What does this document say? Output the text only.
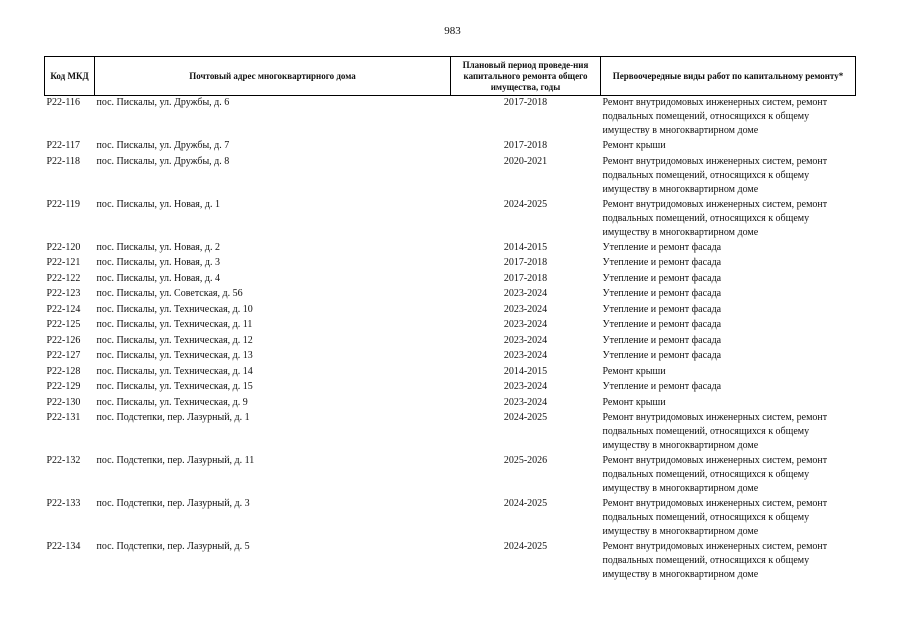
983
Код МКД	Почтовый адрес многоквартирного дома	Плановый период проведе-ния капитального ремонта общего имущества, годы	Первоочередные виды работ по капитальному ремонту*
Р22-116	пос. Пискалы, ул. Дружбы, д. 6	2017-2018	Ремонт внутридомовых инженерных систем, ремонт подвальных помещений, относящихся к общему имуществу в многоквартирном доме
Р22-117	пос. Пискалы, ул. Дружбы, д. 7	2017-2018	Ремонт крыши
Р22-118	пос. Пискалы, ул. Дружбы, д. 8	2020-2021	Ремонт внутридомовых инженерных систем, ремонт подвальных помещений, относящихся к общему имуществу в многоквартирном доме
Р22-119	пос. Пискалы, ул. Новая, д. 1	2024-2025	Ремонт внутридомовых инженерных систем, ремонт подвальных помещений, относящихся к общему имуществу в многоквартирном доме
Р22-120	пос. Пискалы, ул. Новая, д. 2	2014-2015	Утепление и ремонт фасада
Р22-121	пос. Пискалы, ул. Новая, д. 3	2017-2018	Утепление и ремонт фасада
Р22-122	пос. Пискалы, ул. Новая, д. 4	2017-2018	Утепление и ремонт фасада
Р22-123	пос. Пискалы, ул. Советская, д. 56	2023-2024	Утепление и ремонт фасада
Р22-124	пос. Пискалы, ул. Техническая, д. 10	2023-2024	Утепление и ремонт фасада
Р22-125	пос. Пискалы, ул. Техническая, д. 11	2023-2024	Утепление и ремонт фасада
Р22-126	пос. Пискалы, ул. Техническая, д. 12	2023-2024	Утепление и ремонт фасада
Р22-127	пос. Пискалы, ул. Техническая, д. 13	2023-2024	Утепление и ремонт фасада
Р22-128	пос. Пискалы, ул. Техническая, д. 14	2014-2015	Ремонт крыши
Р22-129	пос. Пискалы, ул. Техническая, д. 15	2023-2024	Утепление и ремонт фасада
Р22-130	пос. Пискалы, ул. Техническая, д. 9	2023-2024	Ремонт крыши
Р22-131	пос. Подстепки, пер. Лазурный, д. 1	2024-2025	Ремонт внутридомовых инженерных систем, ремонт подвальных помещений, относящихся к общему имуществу в многоквартирном доме
Р22-132	пос. Подстепки, пер. Лазурный, д. 11	2025-2026	Ремонт внутридомовых инженерных систем, ремонт подвальных помещений, относящихся к общему имуществу в многоквартирном доме
Р22-133	пос. Подстепки, пер. Лазурный, д. 3	2024-2025	Ремонт внутридомовых инженерных систем, ремонт подвальных помещений, относящихся к общему имуществу в многоквартирном доме
Р22-134	пос. Подстепки, пер. Лазурный, д. 5	2024-2025	Ремонт внутридомовых инженерных систем, ремонт подвальных помещений, относящихся к общему имуществу в многоквартирном доме
